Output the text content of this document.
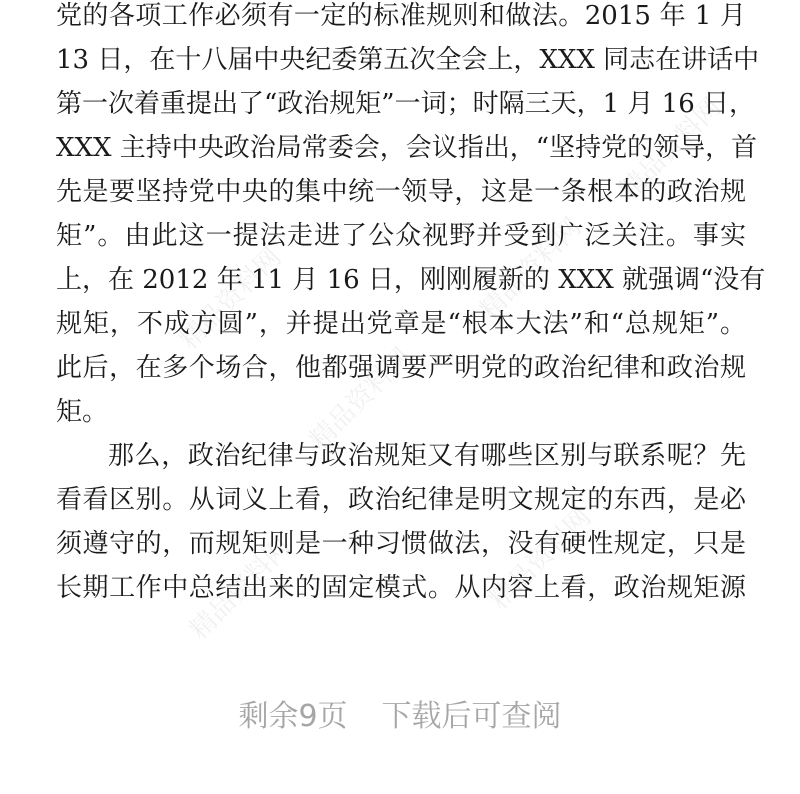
党的各项工作必须有一定的标准规则和做法。2015 年 1 月
13 日，在十八届中央纪委第五次全会上，XXX 同志在讲话中
第一次着重提出了“政治规矩”一词；时隔三天，1 月 16 日，
XXX 主持中央政治局常委会，会议指出，“坚持党的领导，首
先是要坚持党中央的集中统一领导，这是一条根本的政治规
矩”。由此这一提法走进了公众视野并受到广泛关注。事实
上，在 2012 年 11 月 16 日，刚刚履新的 XXX 就强调“没有
规矩，不成方圆”，并提出党章是“根本大法”和“总规矩”。
此后，在多个场合，他都强调要严明党的政治纪律和政治规
矩。
那么，政治纪律与政治规矩又有哪些区别与联系呢？先
看看区别。从词义上看，政治纪律是明文规定的东西，是必
须遵守的，而规矩则是一种习惯做法，没有硬性规定，只是
长期工作中总结出来的固定模式。从内容上看，政治规矩源
精品资料网
精品资料网
精品资料网
精品资料网	精品资料网
精品资料网
剩余9页 下载后可查阅
